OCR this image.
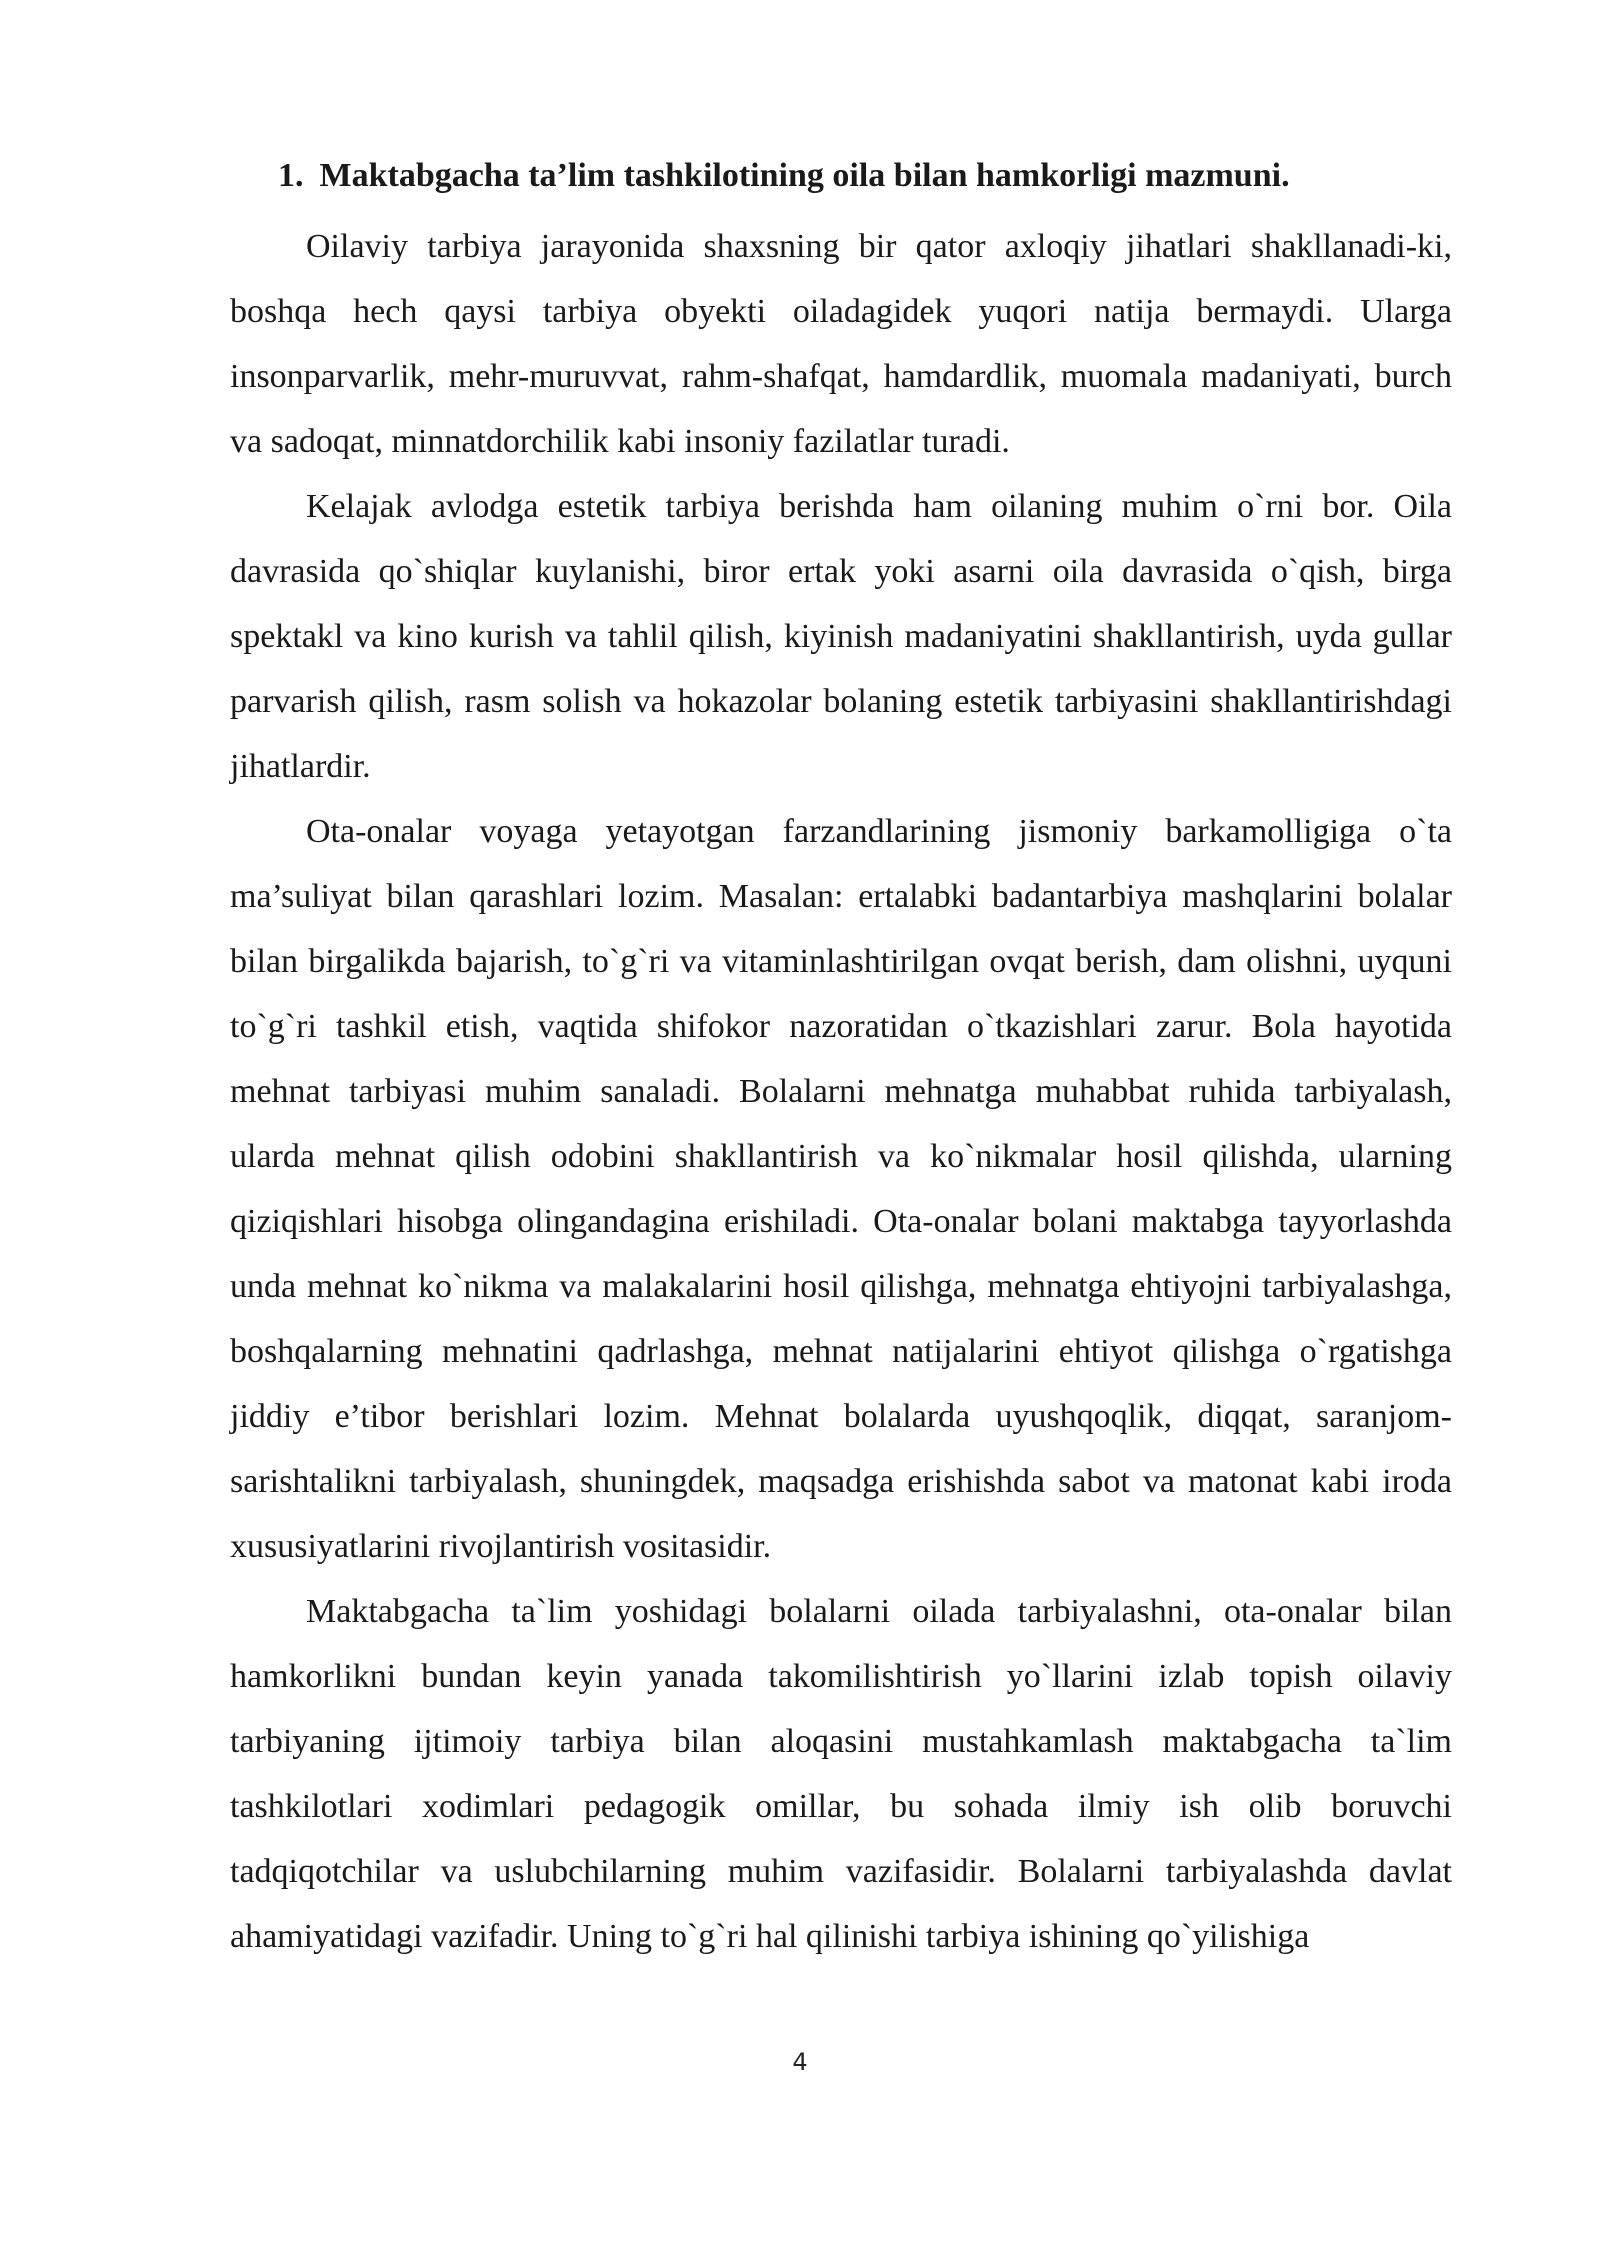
1. Maktabgacha ta’lim tashkilotining oila bilan hamkorligi mazmuni.

Oilaviy tarbiya jarayonida shaxsning bir qator axloqiy jihatlari shakllanadi-ki, boshqa hech qaysi tarbiya obyekti oiladagidek yuqori natija bermaydi. Ularga insonparvarlik, mehr-muruvvat, rahm-shafqat, hamdardlik, muomala madaniyati, burch va sadoqat, minnatdorchilik kabi insoniy fazilatlar turadi.

Kelajak avlodga estetik tarbiya berishda ham oilaning muhim o`rni bor. Oila davrasida qo`shiqlar kuylanishi, biror ertak yoki asarni oila davrasida o`qish, birga spektakl va kino kurish va tahlil qilish, kiyinish madaniyatini shakllantirish, uyda gullar parvarish qilish, rasm solish va hokazolar bolaning estetik tarbiyasini shakllantirishdagi jihatlardir.

Ota-onalar voyaga yetayotgan farzandlarining jismoniy barkamolligiga o`ta ma’suliyat bilan qarashlari lozim. Masalan: ertalabki badantarbiya mashqlarini bolalar bilan birgalikda bajarish, to`g`ri va vitaminlashtirilgan ovqat berish, dam olishni, uyquni to`g`ri tashkil etish, vaqtida shifokor nazoratidan o`tkazishlari zarur. Bola hayotida mehnat tarbiyasi muhim sanaladi. Bolalarni mehnatga muhabbat ruhida tarbiyalash, ularda mehnat qilish odobini shakllantirish va ko`nikmalar hosil qilishda, ularning qiziqishlari hisobga olingandagina erishiladi. Ota-onalar bolani maktabga tayyorlashda unda mehnat ko`nikma va malakalarini hosil qilishga, mehnatga ehtiyojni tarbiyalashga, boshqalarning mehnatini qadrlashga, mehnat natijalarini ehtiyot qilishga o`rgatishga jiddiy e’tibor berishlari lozim. Mehnat bolalarda uyushqoqlik, diqqat, saranjom-sarishtalikni tarbiyalash, shuningdek, maqsadga erishishda sabot va matonat kabi iroda xususiyatlarini rivojlantirish vositasidir.

Maktabgacha ta`lim yoshidagi bolalarni oilada tarbiyalashni, ota-onalar bilan hamkorlikni bundan keyin yanada takomilishtirish yo`llarini izlab topish oilaviy tarbiyaning ijtimoiy tarbiya bilan aloqasini mustahkamlash maktabgacha ta`lim tashkilotlari xodimlari pedagogik omillar, bu sohada ilmiy ish olib boruvchi tadqiqotchilar va uslubchilarning muhim vazifasidir. Bolalarni tarbiyalashda davlat ahamiyatidagi vazifadir. Uning to`g`ri hal qilinishi tarbiya ishining qo`yilishiga

4
